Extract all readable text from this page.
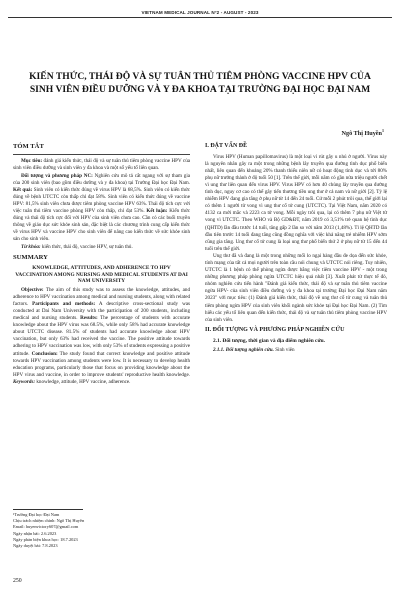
VIETNAM MEDICAL JOURNAL N°2 - AUGUST - 2023
KIẾN THỨC, THÁI ĐỘ VÀ SỰ TUÂN THỦ TIÊM PHÒNG VACCINE HPV CỦA SINH VIÊN ĐIỀU DƯỠNG VÀ Y ĐA KHOA TẠI TRƯỜNG ĐẠI HỌC ĐẠI NAM
Ngô Thị Huyền$^1$
TÓM TẮT

Mục tiêu: đánh giá kiến thức, thái độ và sự tuân thủ tiêm phòng vaccine HPV của sinh viên điều dưỡng và sinh viên y đa khoa và một số yếu tố liên quan.

Đối tượng và phương pháp NC: Nghiên cứu mô tả cắt ngang với sự tham gia của 200 sinh viên (bao gồm điều dưỡng và y đa khoa) tại Trường Đại học Đại Nam. Kết quả: Sinh viên có kiến thức đúng về virus HPV là 68,5%. Sinh viên có kiến thức đúng về bệnh UTCTC còn thấp chỉ đạt 58%. Sinh viên có kiến thức đúng về vaccine HPV: 81,5% sinh viên chưa được tiêm phòng vaccine HPV 63%. Thái độ tích cực với việc tuân thủ tiêm vaccine phòng HPV còn thấp, chỉ đạt 53%. Kết luận: Kiến thức đúng và thái độ tích cực đối với HPV của sinh viên chưa cao. Cần có các buổi truyền thông về giáo dục sức khỏe sinh sản, đặc biệt là các chương trình cung cấp kiến thức về virus HPV và vaccine HPV cho sinh viên để nâng cao kiến thức về sức khỏe sinh sản cho sinh viên.

Từ khóa: kiến thức, thái độ, vaccine HPV, sự tuân thủ.

SUMMARY
KNOWLEDGE, ATTITUDES, AND ADHERENCE TO HPV VACCINATION AMONG NURSING AND MEDICAL STUDENTS AT DAI NAM UNIVERSITY

Objective: The aim of this study was to assess the knowledge, attitudes, and adherence to HPV vaccination among medical and nursing students, along with related factors. Participants and methods: A descriptive cross-sectional study was conducted at Dai Nam University with the participation of 200 students, including medical and nursing students. Results: The percentage of students with accurate knowledge about the HPV virus was 68.5%, while only 58% had accurate knowledge about UTCTC disease. 81.5% of students had accurate knowledge about HPV vaccination, but only 63% had received the vaccine. The positive attitude towards adhering to HPV vaccination was low, with only 53% of students expressing a positive attitude. Conclusion: The study found that correct knowledge and positive attitude towards HPV vaccination among students were low. It is necessary to develop health education programs, particularly those that focus on providing knowledge about the HPV virus and vaccine, in order to improve students' reproductive health knowledge. Keywords: knowledge, attitude, HPV vaccine, adherence.

I. ĐẶT VẤN ĐỀ

Virus HPV (Human papillomavirus) là một loại vi rút gây u nhú ở người. Virus này là nguyên nhân gây ra một trong những bệnh lây truyền qua đường tình dục phổ biến nhất, liên quan đến khoảng 20% thanh thiếu niên nữ có hoạt động tình dục và tới 80% phụ nữ trưởng thành ở độ tuổi 50 [1]. Trên thế giới, mỗi năm có gần nửa triệu người chết vì ung thư liên quan đến virus HPV. Virus HPV có hơn 40 chủng lây truyền qua đường tình dục, nguy cơ cao có thể gây tiến thương tiền ung thư ở cả nam và nữ giới [2]. Tỷ lệ nhiễm HPV đang gia tăng ở phụ nữ từ 14 đến 24 tuổi. Cứ mỗi 2 phút trôi qua, thế giới lại có thêm 1 người tử vong vì ung thư cổ tử cung (UTCTC). Tại Việt Nam, năm 2020 có 4132 ca mới mắc và 2223 ca tử vong. Mỗi ngày trôi qua, lại có thêm 7 phụ nữ Việt tử vong vì UTCTC. Theo WHO và Bộ GD&ĐT, năm 2019 có 3,51% trẻ quan hệ tình dục (QHTD) lần đầu trước 14 tuổi, tăng gấp 2 lần so với năm 2013 (1,48%). Tỉ lệ QHTD lần đầu tiên trước 14 tuổi đang tăng cũng đồng nghĩa với việc khả năng trẻ nhiễm HPV sớm cũng gia tăng. Ung thư cổ tử cung là loại ung thư phổ biến thứ 2 ở phụ nữ từ 15 đến 44 tuổi trên thế giới.

Ung thư đã và đang là một trong những mối lo ngại hàng đầu đe dọa đến sức khỏe, tính mạng của tất cả mọi người trên toàn cầu nói chung và UTCTC nói riêng. Tuy nhiên, UTCTC là 1 bệnh có thể phòng ngừa được bằng việc tiêm vaccine HPV - một trong những phương pháp phòng ngừa UTCTC hiệu quả nhất [3]. Xuất phát từ thực tế đó, nhóm nghiên cứu tiến hành "Đánh giá kiến thức, thái độ và sự tuân thủ tiêm vaccine ngừa HPV- của sinh viên điều dưỡng và y đa khoa tại trường Đại học Đại Nam năm 2023" với mục tiêu: (1) Đánh giá kiến thức, thái độ về ung thư cổ tử cung và tuân thủ tiêm phòng ngừa HPV của sinh viên khối ngành sức khỏe tại Đại học Đại Nam. (2) Tìm hiểu các yếu tố liên quan đến kiến thức, thái độ và sự tuân thủ tiêm phòng vaccine HPV của sinh viên.

II. ĐỐI TƯỢNG VÀ PHƯƠNG PHÁP NGHIÊN CỨU
2.1. Đối tượng, thời gian và địa điểm nghiên cứu.

2.1.1. Đối tượng nghiên cứu. Sinh viên

¹Trường Đại học Đại Nam
Chịu trách nhiệm chính: Ngô Thị Huyền
Email: huyenvictory607@gmail.com
Ngày nhận bài: 2.6.2023
Ngày phản biện khoa học: 18.7.2023
Ngày duyệt bài: 7.8.2023
250
